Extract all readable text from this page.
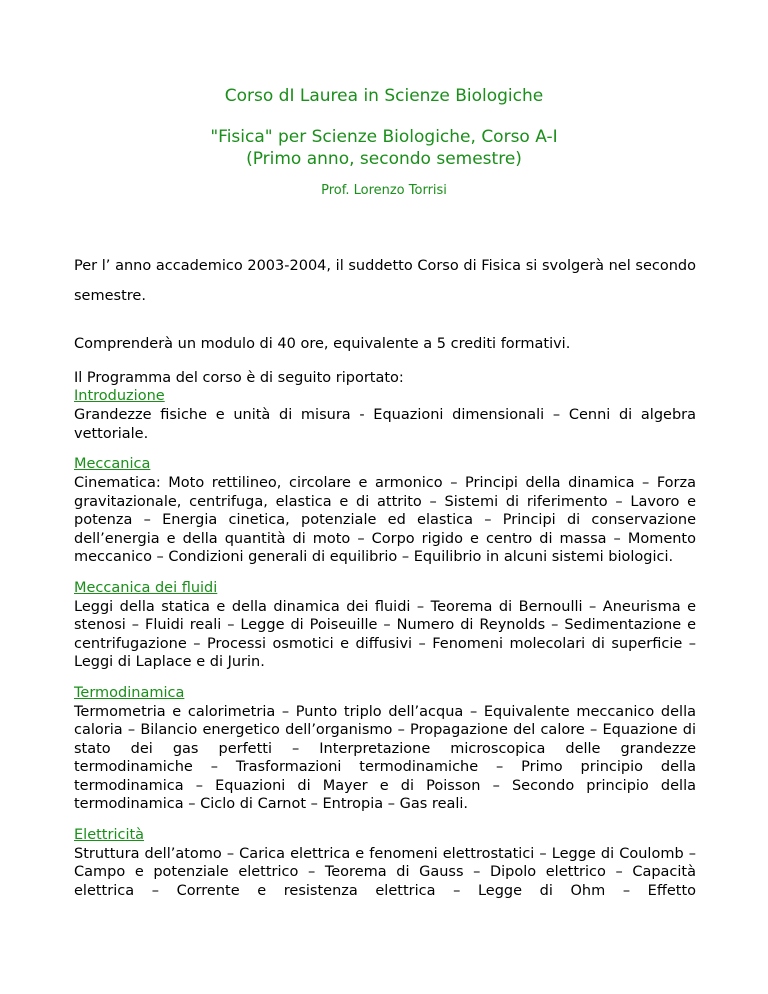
Corso dI Laurea in Scienze Biologiche
"Fisica" per Scienze Biologiche, Corso A-I
(Primo anno, secondo semestre)
Prof. Lorenzo Torrisi

Per l’ anno accademico 2003-2004, il suddetto Corso di Fisica si svolgerà nel secondo semestre.

Comprenderà un modulo di 40 ore, equivalente a 5 crediti formativi.

Il Programma del corso è di seguito riportato:

Introduzione
Grandezze fisiche e unità di misura - Equazioni dimensionali – Cenni di algebra vettoriale.
Meccanica
Cinematica: Moto rettilineo, circolare e armonico – Principi della dinamica – Forza gravitazionale, centrifuga, elastica e di attrito – Sistemi di riferimento – Lavoro e potenza – Energia cinetica, potenziale ed elastica – Principi di conservazione dell’energia e della quantità di moto – Corpo rigido e centro di massa – Momento meccanico – Condizioni generali di equilibrio – Equilibrio in alcuni sistemi biologici.
Meccanica dei fluidi
Leggi della statica e della dinamica dei fluidi – Teorema di Bernoulli – Aneurisma e stenosi – Fluidi reali – Legge di Poiseuille – Numero di Reynolds – Sedimentazione e centrifugazione – Processi osmotici e diffusivi – Fenomeni molecolari di superficie – Leggi di Laplace e di Jurin.
Termodinamica
Termometria e calorimetria – Punto triplo dell’acqua – Equivalente meccanico della caloria – Bilancio energetico dell’organismo – Propagazione del calore – Equazione di stato dei gas perfetti – Interpretazione microscopica delle grandezze termodinamiche – Trasformazioni termodinamiche – Primo principio della termodinamica – Equazioni di Mayer e di Poisson – Secondo principio della termodinamica – Ciclo di Carnot – Entropia – Gas reali.
Elettricità
Struttura dell’atomo – Carica elettrica e fenomeni elettrostatici – Legge di Coulomb – Campo e potenziale elettrico – Teorema di Gauss – Dipolo elettrico – Capacità elettrica – Corrente e resistenza elettrica – Legge di Ohm – Effetto
